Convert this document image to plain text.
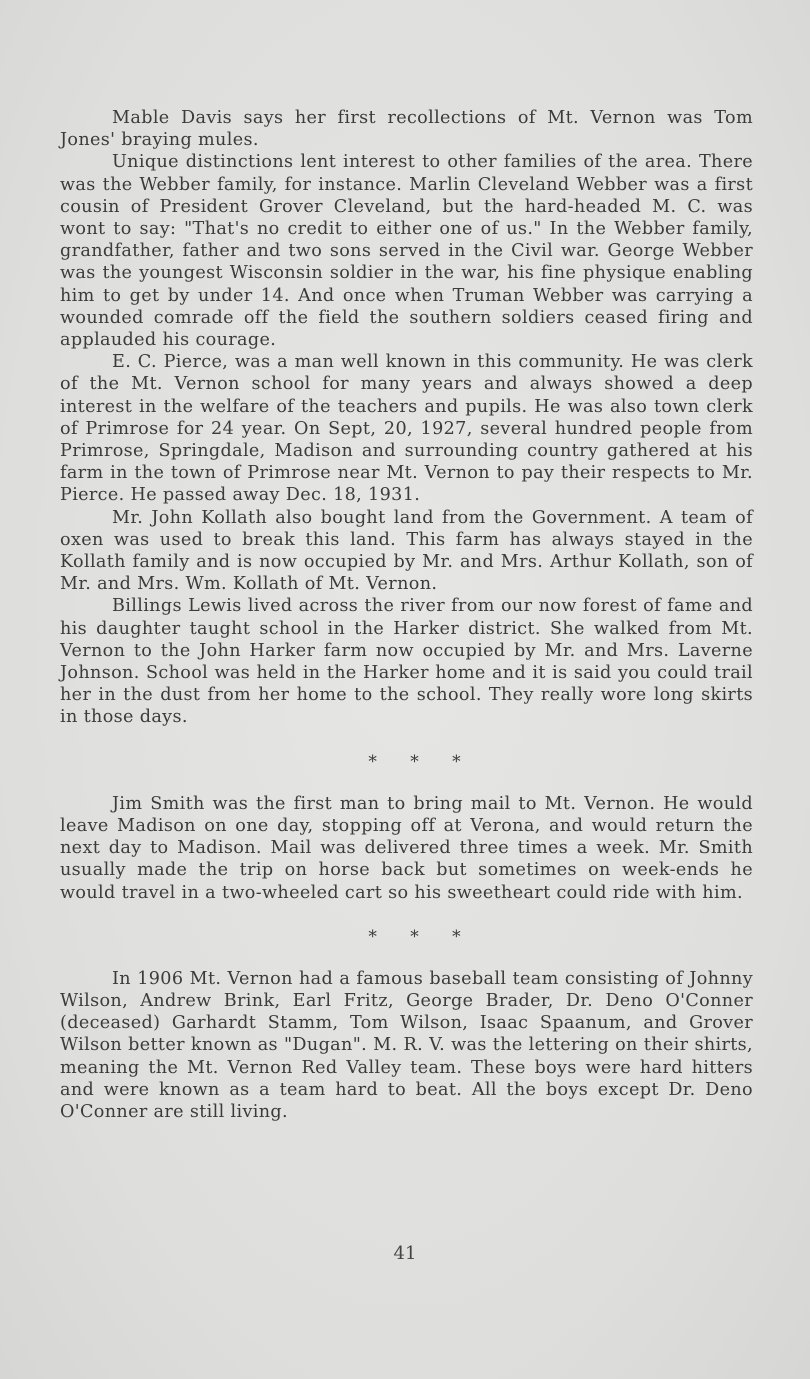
Mable Davis says her first recollections of Mt. Vernon was Tom Jones' braying mules.

Unique distinctions lent interest to other families of the area. There was the Webber family, for instance. Marlin Cleveland Webber was a first cousin of President Grover Cleveland, but the hard-headed M. C. was wont to say: "That's no credit to either one of us." In the Webber family, grandfather, father and two sons served in the Civil war. George Webber was the youngest Wisconsin soldier in the war, his fine physique enabling him to get by under 14. And once when Truman Webber was carrying a wounded comrade off the field the southern soldiers ceased firing and applauded his courage.

E. C. Pierce, was a man well known in this community. He was clerk of the Mt. Vernon school for many years and always showed a deep interest in the welfare of the teachers and pupils. He was also town clerk of Primrose for 24 year. On Sept, 20, 1927, several hundred people from Primrose, Springdale, Madison and surrounding country gathered at his farm in the town of Primrose near Mt. Vernon to pay their respects to Mr. Pierce. He passed away Dec. 18, 1931.

Mr. John Kollath also bought land from the Government. A team of oxen was used to break this land. This farm has always stayed in the Kollath family and is now occupied by Mr. and Mrs. Arthur Kollath, son of Mr. and Mrs. Wm. Kollath of Mt. Vernon.

Billings Lewis lived across the river from our now forest of fame and his daughter taught school in the Harker district. She walked from Mt. Vernon to the John Harker farm now occupied by Mr. and Mrs. Laverne Johnson. School was held in the Harker home and it is said you could trail her in the dust from her home to the school. They really wore long skirts in those days.

* * *

Jim Smith was the first man to bring mail to Mt. Vernon. He would leave Madison on one day, stopping off at Verona, and would return the next day to Madison. Mail was delivered three times a week. Mr. Smith usually made the trip on horse back but sometimes on week-ends he would travel in a two-wheeled cart so his sweetheart could ride with him.

* * *

In 1906 Mt. Vernon had a famous baseball team consisting of Johnny Wilson, Andrew Brink, Earl Fritz, George Brader, Dr. Deno O'Conner (deceased) Garhardt Stamm, Tom Wilson, Isaac Spaanum, and Grover Wilson better known as "Dugan". M. R. V. was the lettering on their shirts, meaning the Mt. Vernon Red Valley team. These boys were hard hitters and were known as a team hard to beat. All the boys except Dr. Deno O'Conner are still living.

41
